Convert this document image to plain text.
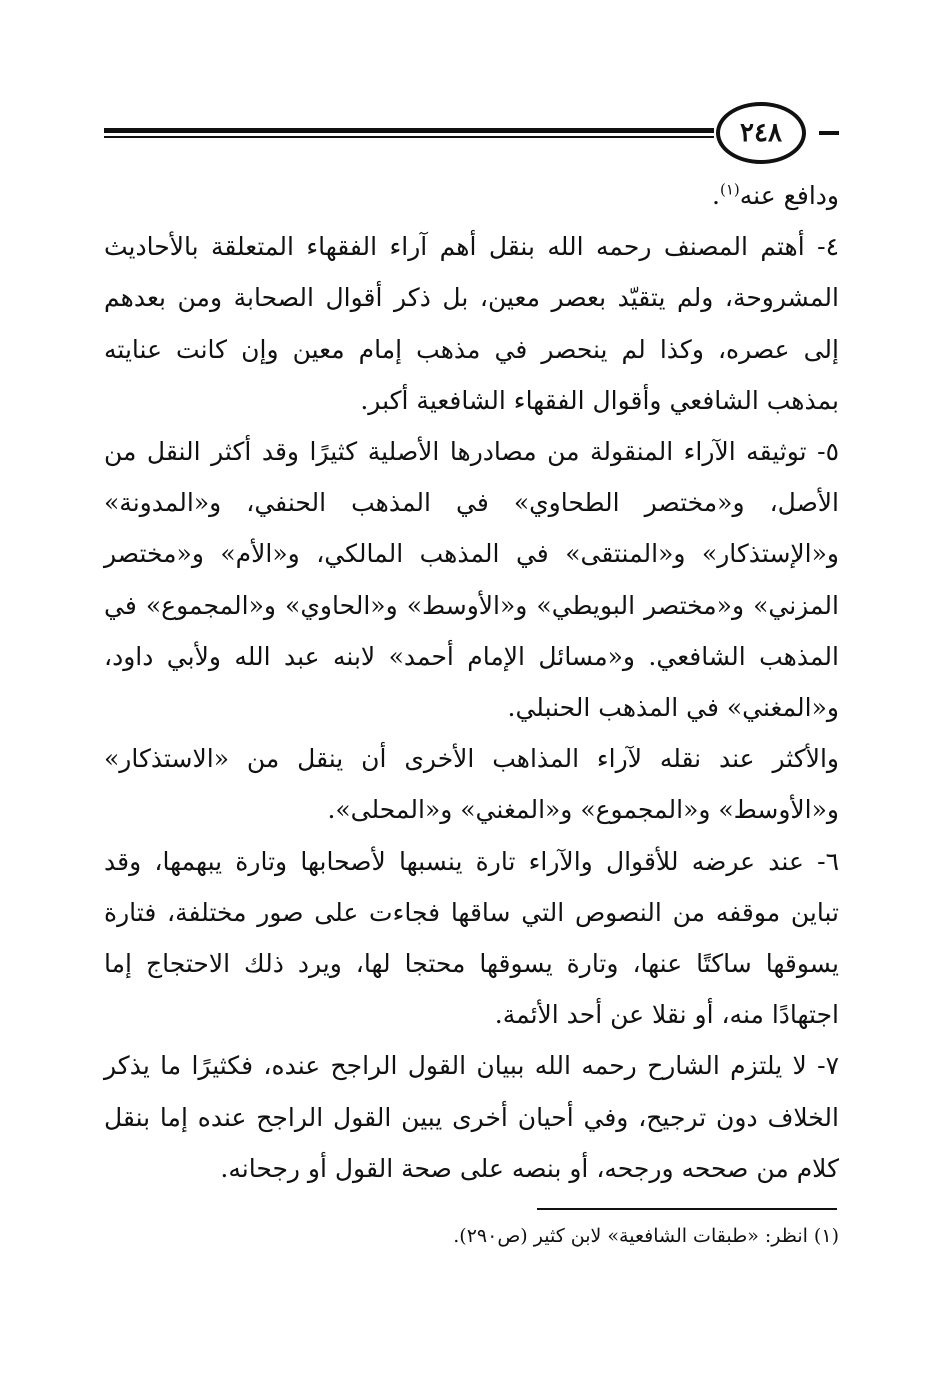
٢٤٨

ودافع عنه$^{(١)}$.

٤- أهتم المصنف رحمه الله بنقل أهم آراء الفقهاء المتعلقة بالأحاديث المشروحة، ولم يتقيّد بعصر معين، بل ذكر أقوال الصحابة ومن بعدهم إلى عصره، وكذا لم ينحصر في مذهب إمام معين وإن كانت عنايته بمذهب الشافعي وأقوال الفقهاء الشافعية أكبر.

٥- توثيقه الآراء المنقولة من مصادرها الأصلية كثيرًا وقد أكثر النقل من الأصل، و«مختصر الطحاوي» في المذهب الحنفي، و«المدونة» و«الإستذكار» و«المنتقى» في المذهب المالكي، و«الأم» و«مختصر المزني» و«مختصر البويطي» و«الأوسط» و«الحاوي» و«المجموع» في المذهب الشافعي. و«مسائل الإمام أحمد» لابنه عبد الله ولأبي داود، و«المغني» في المذهب الحنبلي.

والأكثر عند نقله لآراء المذاهب الأخرى أن ينقل من «الاستذكار» و«الأوسط» و«المجموع» و«المغني» و«المحلى».

٦- عند عرضه للأقوال والآراء تارة ينسبها لأصحابها وتارة يبهمها، وقد تباين موقفه من النصوص التي ساقها فجاءت على صور مختلفة، فتارة يسوقها ساكتًا عنها، وتارة يسوقها محتجا لها، ويرد ذلك الاحتجاج إما اجتهادًا منه، أو نقلا عن أحد الأئمة.

٧- لا يلتزم الشارح رحمه الله ببيان القول الراجح عنده، فكثيرًا ما يذكر الخلاف دون ترجيح، وفي أحيان أخرى يبين القول الراجح عنده إما بنقل كلام من صححه ورجحه، أو بنصه على صحة القول أو رجحانه.

(١) انظر: «طبقات الشافعية» لابن كثير (ص٢٩٠).
